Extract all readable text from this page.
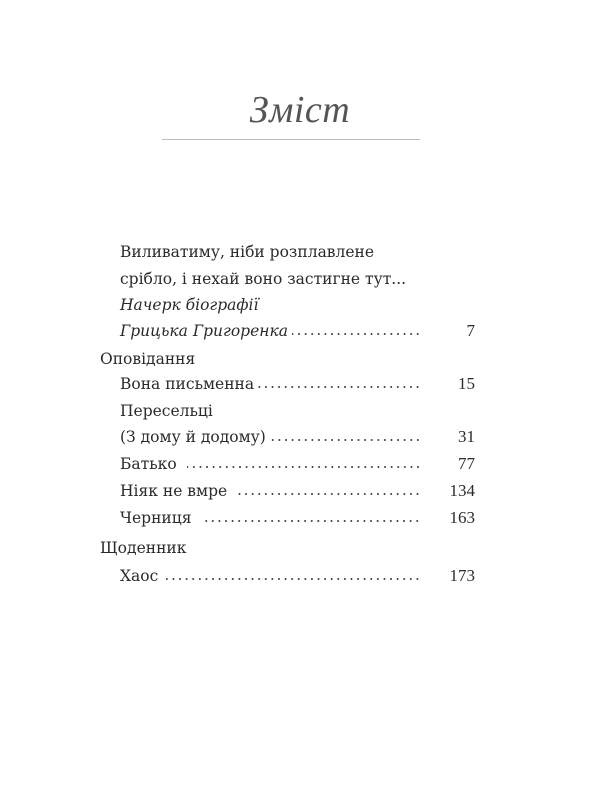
Зміст
Виливатиму, ніби розплавлене
срібло, і нехай воно застигне тут...
Начерк біографії
Грицька Григоренка	7
Оповідання
Вона письменна	15
Пересельці
(З дому й додому)	31
Батько	77
Ніяк не вмре	134
Черниця	163
Щоденник
Хаос	173
